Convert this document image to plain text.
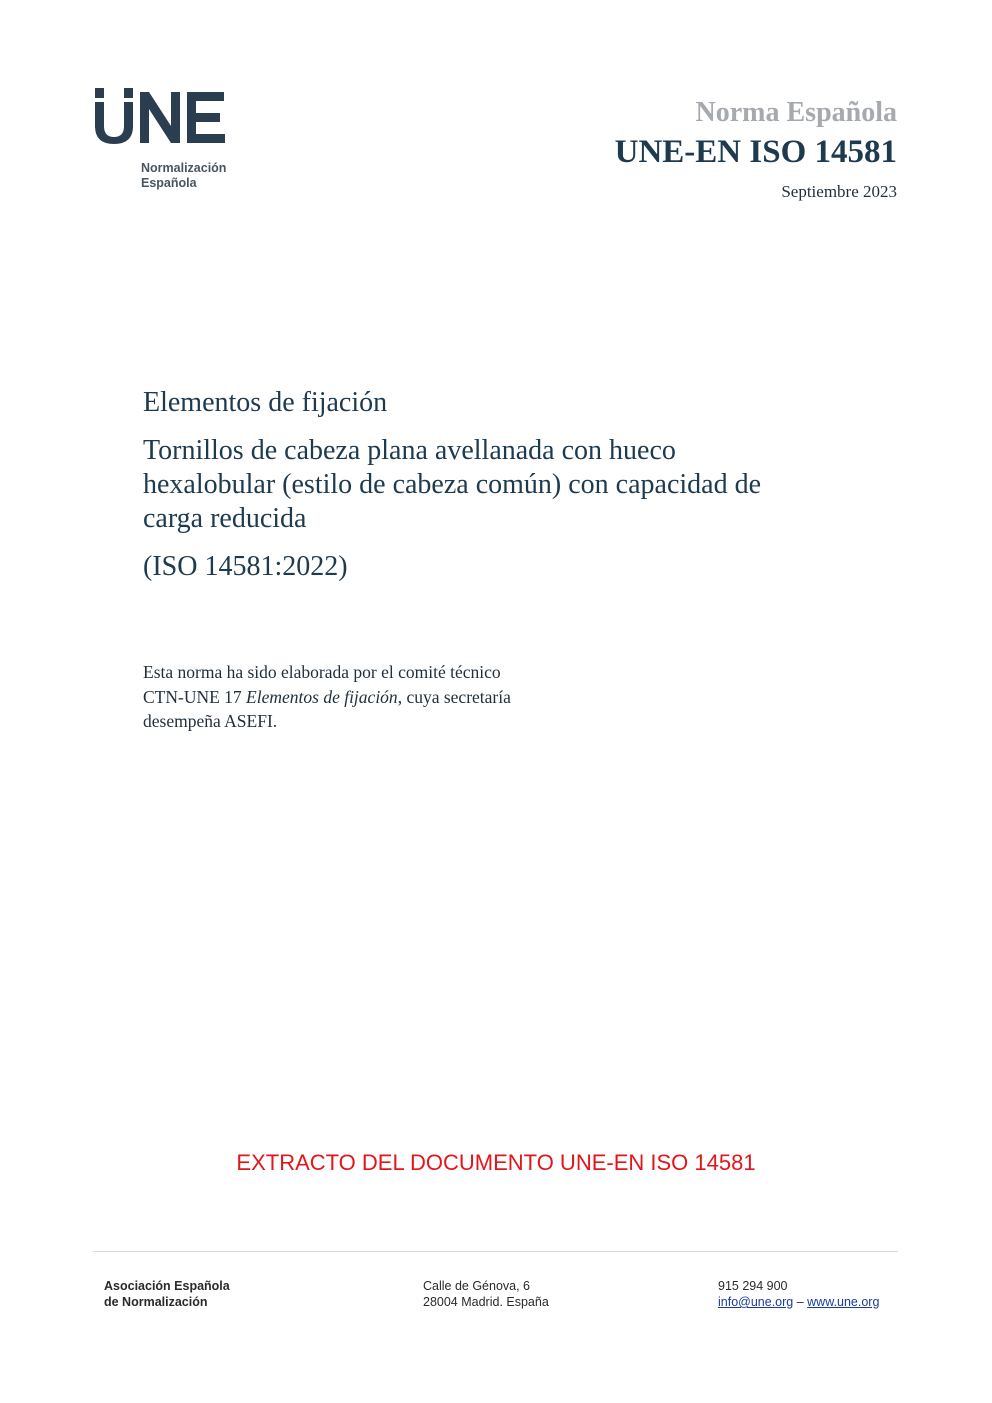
Normalización
Española
Norma Española
UNE-EN ISO 14581
Septiembre 2023

Elementos de fijación

Tornillos de cabeza plana avellanada con hueco

hexalobular (estilo de cabeza común) con capacidad de

carga reducida

(ISO 14581:2022)

Esta norma ha sido elaborada por el comité técnico

CTN-UNE 17 Elementos de fijación, cuya secretaría

desempeña ASEFI.

EXTRACTO DEL DOCUMENTO UNE-EN ISO 14581
Asociación Española
de Normalización
Calle de Génova, 6
28004 Madrid. España
915 294 900
info@une.org – www.une.org
